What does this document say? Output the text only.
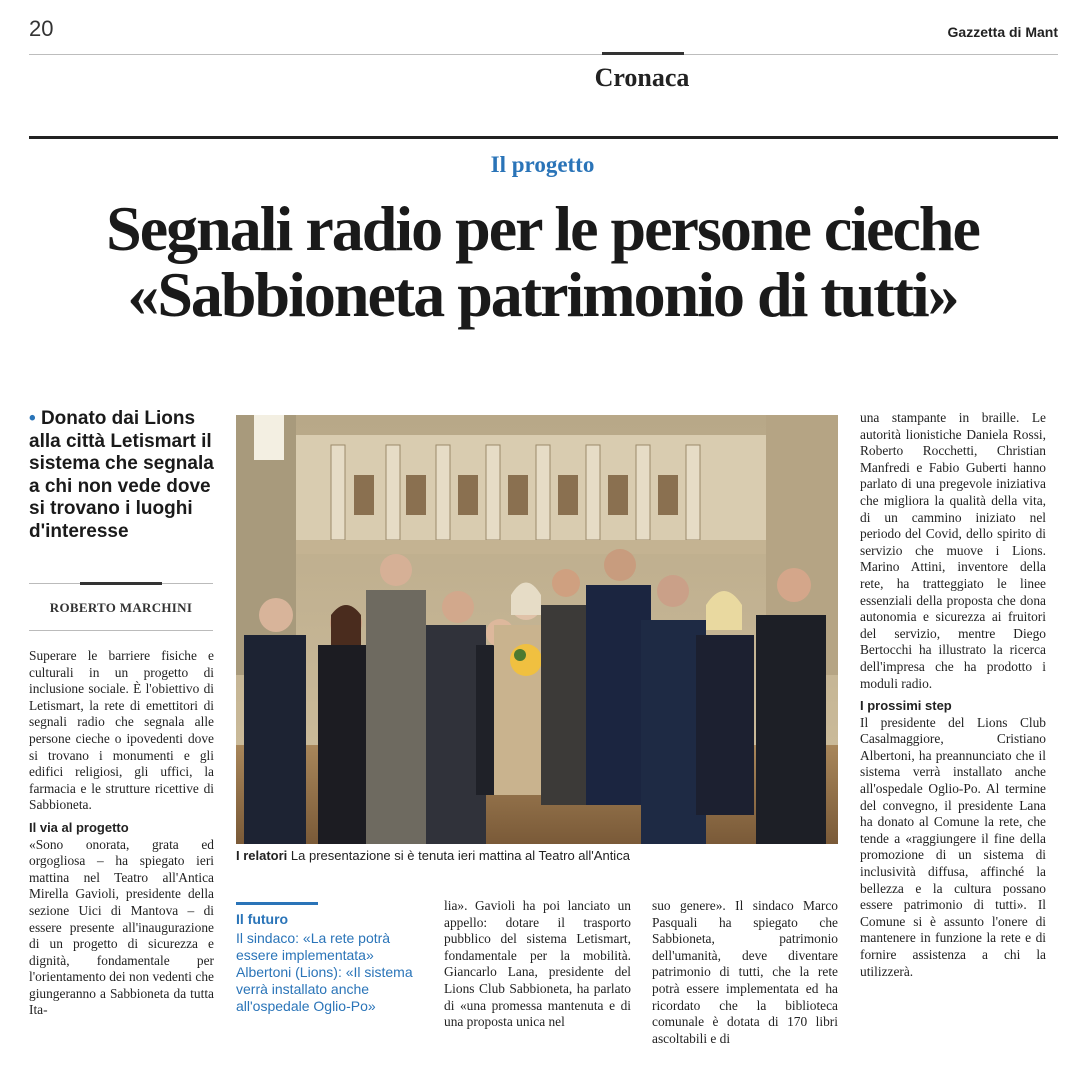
20	Gazzetta di Mant
Cronaca
Il progetto
Segnali radio per le persone cieche
«Sabbioneta patrimonio di tutti»
• Donato dai Lions alla città Letismart il sistema che segnala a chi non vede dove si trovano i luoghi d'interesse
ROBERTO MARCHINI

Superare le barriere fisiche e culturali in un progetto di inclusione sociale. È l'obiettivo di Letismart, la rete di emettitori di segnali radio che segnala alle persone cieche o ipovedenti dove si trovano i monumenti e gli edifici religiosi, gli uffici, la farmacia e le strutture ricettive di Sabbioneta.

Il via al progetto

«Sono onorata, grata ed orgogliosa – ha spiegato ieri mattina nel Teatro all'Antica Mirella Gavioli, presidente della sezione Uici di Mantova – di essere presente all'inaugurazione di un progetto di sicurezza e dignità, fondamentale per l'orientamento dei non vedenti che giungeranno a Sabbioneta da tutta Ita-

I relatori La presentazione si è tenuta ieri mattina al Teatro all'Antica
Il futuro
Il sindaco: «La rete potrà essere implementata» Albertoni (Lions): «Il sistema verrà installato anche all'ospedale Oglio-Po»

lia». Gavioli ha poi lanciato un appello: dotare il trasporto pubblico del sistema Letismart, fondamentale per la mobilità. Giancarlo Lana, presidente del Lions Club Sabbioneta, ha parlato di «una promessa mantenuta e di una proposta unica nel

suo genere». Il sindaco Marco Pasquali ha spiegato che Sabbioneta, patrimonio dell'umanità, deve diventare patrimonio di tutti, che la rete potrà essere implementata ed ha ricordato che la biblioteca comunale è dotata di 170 libri ascoltabili e di

una stampante in braille. Le autorità lionistiche Daniela Rossi, Roberto Rocchetti, Christian Manfredi e Fabio Guberti hanno parlato di una pregevole iniziativa che migliora la qualità della vita, di un cammino iniziato nel periodo del Covid, dello spirito di servizio che muove i Lions. Marino Attini, inventore della rete, ha tratteggiato le linee essenziali della proposta che dona autonomia e sicurezza ai fruitori del servizio, mentre Diego Bertocchi ha illustrato la ricerca dell'impresa che ha prodotto i moduli radio.

I prossimi step

Il presidente del Lions Club Casalmaggiore, Cristiano Albertoni, ha preannunciato che il sistema verrà installato anche all'ospedale Oglio-Po. Al termine del convegno, il presidente Lana ha donato al Comune la rete, che tende a «raggiungere il fine della promozione di un sistema di inclusività diffusa, affinché la bellezza e la cultura possano essere patrimonio di tutti». Il Comune si è assunto l'onere di mantenere in funzione la rete e di fornire assistenza a chi la utilizzerà.
